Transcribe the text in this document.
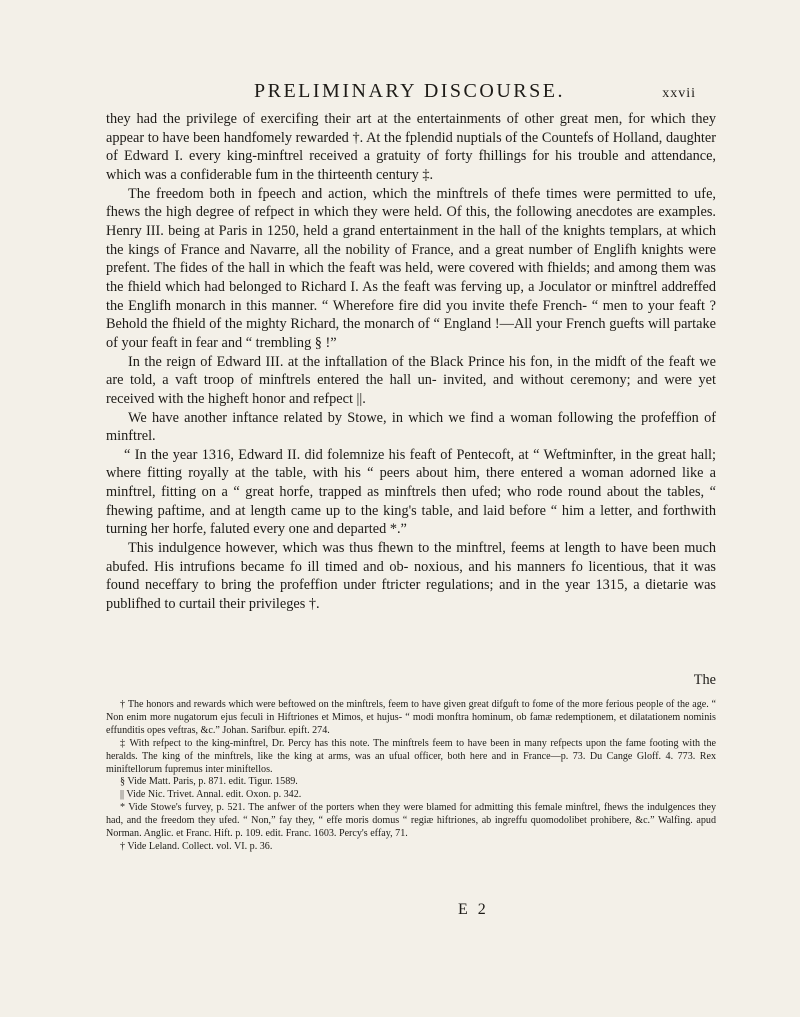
PRELIMINARY DISCOURSE.	xxvii

they had the privilege of exercifing their art at the entertainments of other great men, for which they appear to have been handfomely rewarded †. At the fplendid nuptials of the Countefs of Holland, daughter of Edward I. every king-minftrel received a gratuity of forty fhillings for his trouble and attendance, which was a confiderable fum in the thirteenth century ‡.

The freedom both in fpeech and action, which the minftrels of thefe times were permitted to ufe, fhews the high degree of refpect in which they were held. Of this, the following anecdotes are examples. Henry III. being at Paris in 1250, held a grand entertainment in the hall of the knights templars, at which the kings of France and Navarre, all the nobility of France, and a great number of Englifh knights were prefent. The fides of the hall in which the feaft was held, were covered with fhields; and among them was the fhield which had belonged to Richard I. As the feaft was ferving up, a Joculator or minftrel addreffed the Englifh monarch in this manner. “ Wherefore fire did you invite thefe French- “ men to your feaft ? Behold the fhield of the mighty Richard, the monarch of “ England !—All your French guefts will partake of your feaft in fear and “ trembling § !”

In the reign of Edward III. at the inftallation of the Black Prince his fon, in the midft of the feaft we are told, a vaft troop of minftrels entered the hall un- invited, and without ceremony; and were yet received with the higheft honor and refpect ||.

We have another inftance related by Stowe, in which we find a woman following the profeffion of minftrel.

“ In the year 1316, Edward II. did folemnize his feaft of Pentecoft, at “ Weftminfter, in the great hall; where fitting royally at the table, with his “ peers about him, there entered a woman adorned like a minftrel, fitting on a “ great horfe, trapped as minftrels then ufed; who rode round about the tables, “ fhewing paftime, and at length came up to the king's table, and laid before “ him a letter, and forthwith turning her horfe, faluted every one and departed *.”

This indulgence however, which was thus fhewn to the minftrel, feems at length to have been much abufed. His intrufions became fo ill timed and ob- noxious, and his manners fo licentious, that it was found neceffary to bring the profeffion under ftricter regulations; and in the year 1315, a dietarie was publifhed to curtail their privileges †.

The

† The honors and rewards which were beftowed on the minftrels, feem to have given great difguft to fome of the more ferious people of the age. “ Non enim more nugatorum ejus feculi in Hiftriones et Mimos, et hujus- “ modi monftra hominum, ob famæ redemptionem, et dilatationem nominis effunditis opes veftras, &c.” Johan. Sarifbur. epift. 274.

‡ With refpect to the king-minftrel, Dr. Percy has this note. The minftrels feem to have been in many refpects upon the fame footing with the heralds. The king of the minftrels, like the king at arms, was an ufual officer, both here and in France—p. 73. Du Cange Gloff. 4. 773. Rex miniftellorum fupremus inter miniftellos.

§ Vide Matt. Paris, p. 871. edit. Tigur. 1589.

|| Vide Nic. Trivet. Annal. edit. Oxon. p. 342.

* Vide Stowe's furvey, p. 521. The anfwer of the porters when they were blamed for admitting this female minftrel, fhews the indulgences they had, and the freedom they ufed. “ Non,” fay they, “ effe moris domus “ regiæ hiftriones, ab ingreffu quomodolibet prohibere, &c.” Walfing. apud Norman. Anglic. et Franc. Hift. p. 109. edit. Franc. 1603. Percy's effay, 71.

† Vide Leland. Collect. vol. VI. p. 36.

E 2
